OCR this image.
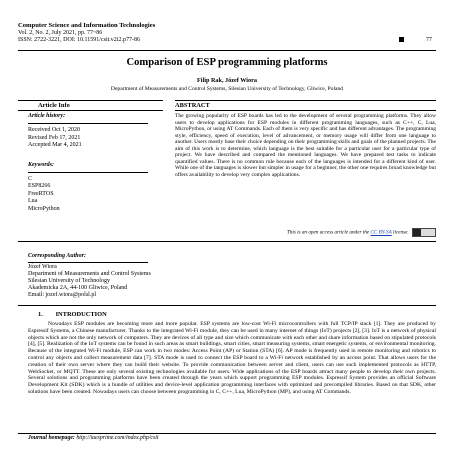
Computer Science and Information Technologies
Vol. 2, No. 2, July 2021, pp. 77~86
ISSN: 2722-3221, DOI: 10.11591/csit.v2i2.p77-86	77
Comparison of ESP programming platforms
Filip Rak, Józef Wiora
Department of Measurements and Control Systems, Silesian University of Technology, Gliwice, Poland
Article Info	ABSTRACT
Article history:
Received Oct 1, 2020
Revised Feb 17, 2021
Accepted Mar 4, 2021
Keywords:
C
ESP8266
FreeRTOS
Lua
MicroPython
The growing popularity of ESP boards has led to the development of several programming platforms. They allow users to develop applications for ESP modules in different programming languages, such as C++, C, Lua, MicroPython, or using AT Commands. Each of them is very specific and has different advantages. The programming style, efficiency, speed of execution, level of advancement, or memory usage will differ from one language to another. Users mostly base their choice depending on their programming skills and goals of the planned projects. The aim of this work is to determine, which language is the best suitable for a particular user for a particular type of project. We have described and compared the mentioned languages. We have prepared test tasks to indicate quantified values. There is no common rule because each of the languages is intended for a different kind of user. While one of the languages is slower but simpler in usage for a beginner, the other one requires broad knowledge but offers availability to develop very complex applications.
This is an open access article under the CC BY-SA license.
Corresponding Author:
Józef Wiora
Department of Measurements and Control Systems
Silesian University of Technology
Akademicka 2A, 44-100 Gliwice, Poland
Email: jozef.wiora@polsl.pl
1.        INTRODUCTION
Nowadays ESP modules are becoming more and more popular. ESP systems are low-cost Wi-Fi microcontrollers with full TCP/IP stack [1]. They are produced by Espressif Systems, a Chinese manufacturer. Thanks to the integrated Wi-Fi module, they can be used in many internet of things (IoT) projects [2], [3]. IoT is a network of physical objects which are not the only network of computers. They are devices of all type and size which communicate with each other and share information based on stipulated protocols [4], [5]. Realization of the IoT systems can be found in such areas as smart buildings, smart cities, smart measuring systems, smart energetic systems, or environmental monitoring. Because of the integrated Wi-Fi module, ESP can work in two modes: Access Point (AP) or Station (STA) [6]. AP mode is frequently used in remote monitoring and robotics to control any objects and collect measurement data [7]. STA mode is used to connect the ESP board to a Wi-Fi network established by an access point. That allows users for the creation of their own server where they can build their website. To provide communication between server and client, users can use such implemented protocols as HTTP, WebSocket, or MQTT. These are only several existing technologies available for users. Wide applications of the ESP boards attract many people to develop their own projects. Several solutions and programming platforms have been created through the years which support programming ESP modules. Espressif System provides an official Software Development Kit (SDK) which is a bundle of utilities and device-level application programming interfaces with optimized and precompiled libraries. Based on that SDK, other solutions have been created. Nowadays users can choose between programming in C, C++, Lua, MicroPython (MP), and using AT Commands.
Journal homepage: http://iaesprime.com/index.php/csit
